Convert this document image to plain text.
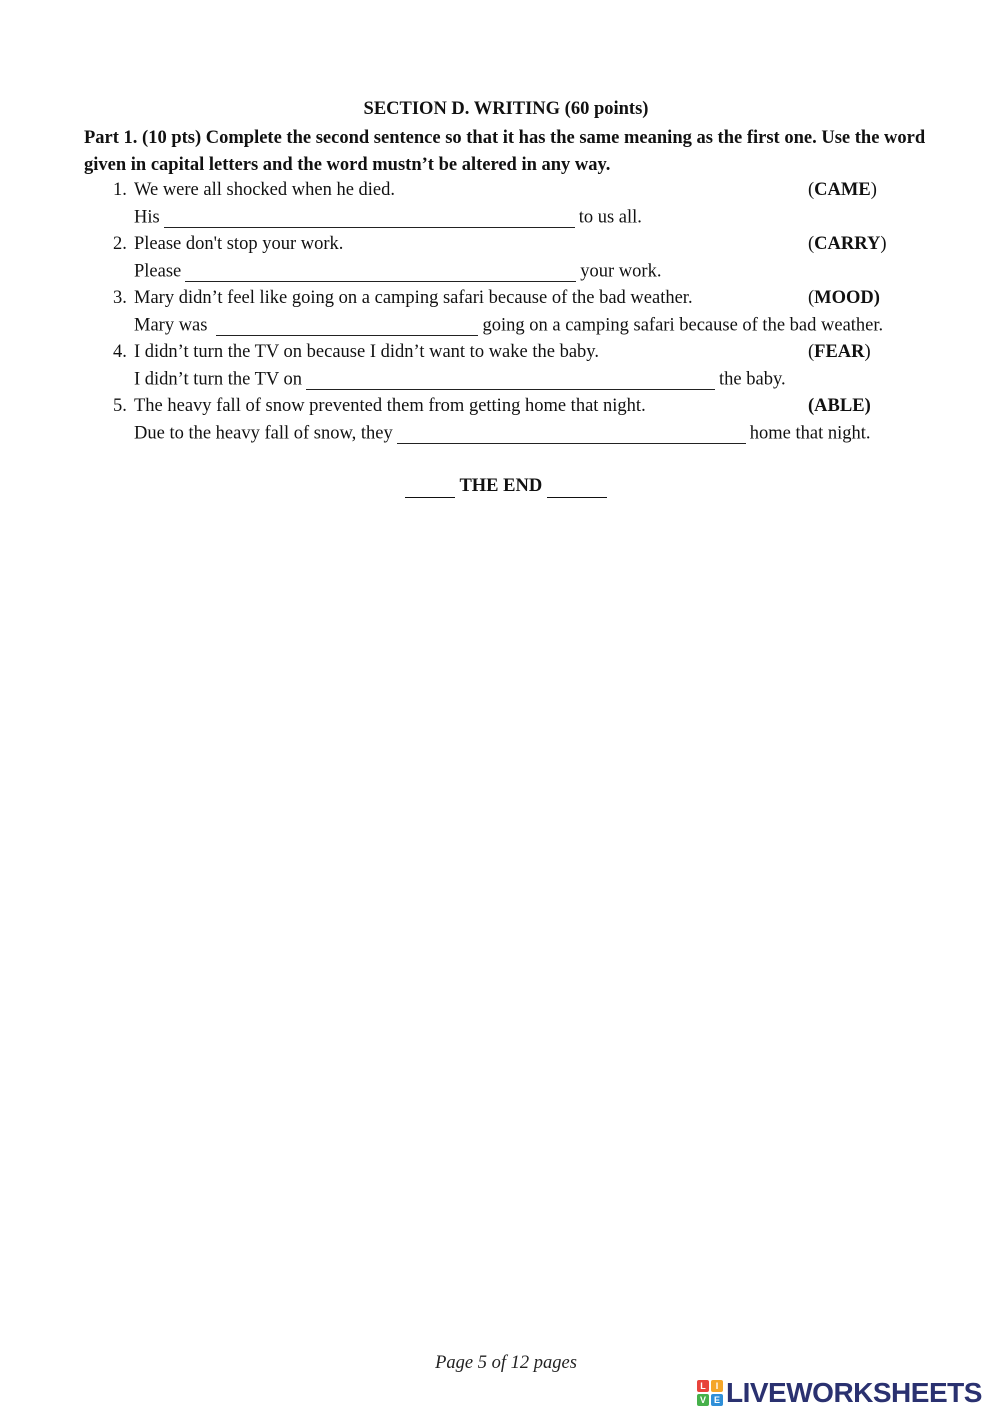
SECTION D. WRITING (60 points)
Part 1. (10 pts) Complete the second sentence so that it has the same meaning as the first one. Use the word given in capital letters and the word mustn’t be altered in any way.
1. We were all shocked when he died.	(CAME)
His	to us all.
2. Please don't stop your work.	(CARRY)
Please	your work.
3. Mary didn’t feel like going on a camping safari because of the bad weather.	(MOOD)
Mary was	going on a camping safari because of the bad weather.
4. I didn’t turn the TV on because I didn’t want to wake the baby.	(FEAR)
I didn’t turn the TV on	the baby.
5. The heavy fall of snow prevented them from getting home that night.	(ABLE)
Due to the heavy fall of snow, they	home that night.
THE END
Page 5 of 12 pages
L	I
V E LIVEWORKSHEETS
